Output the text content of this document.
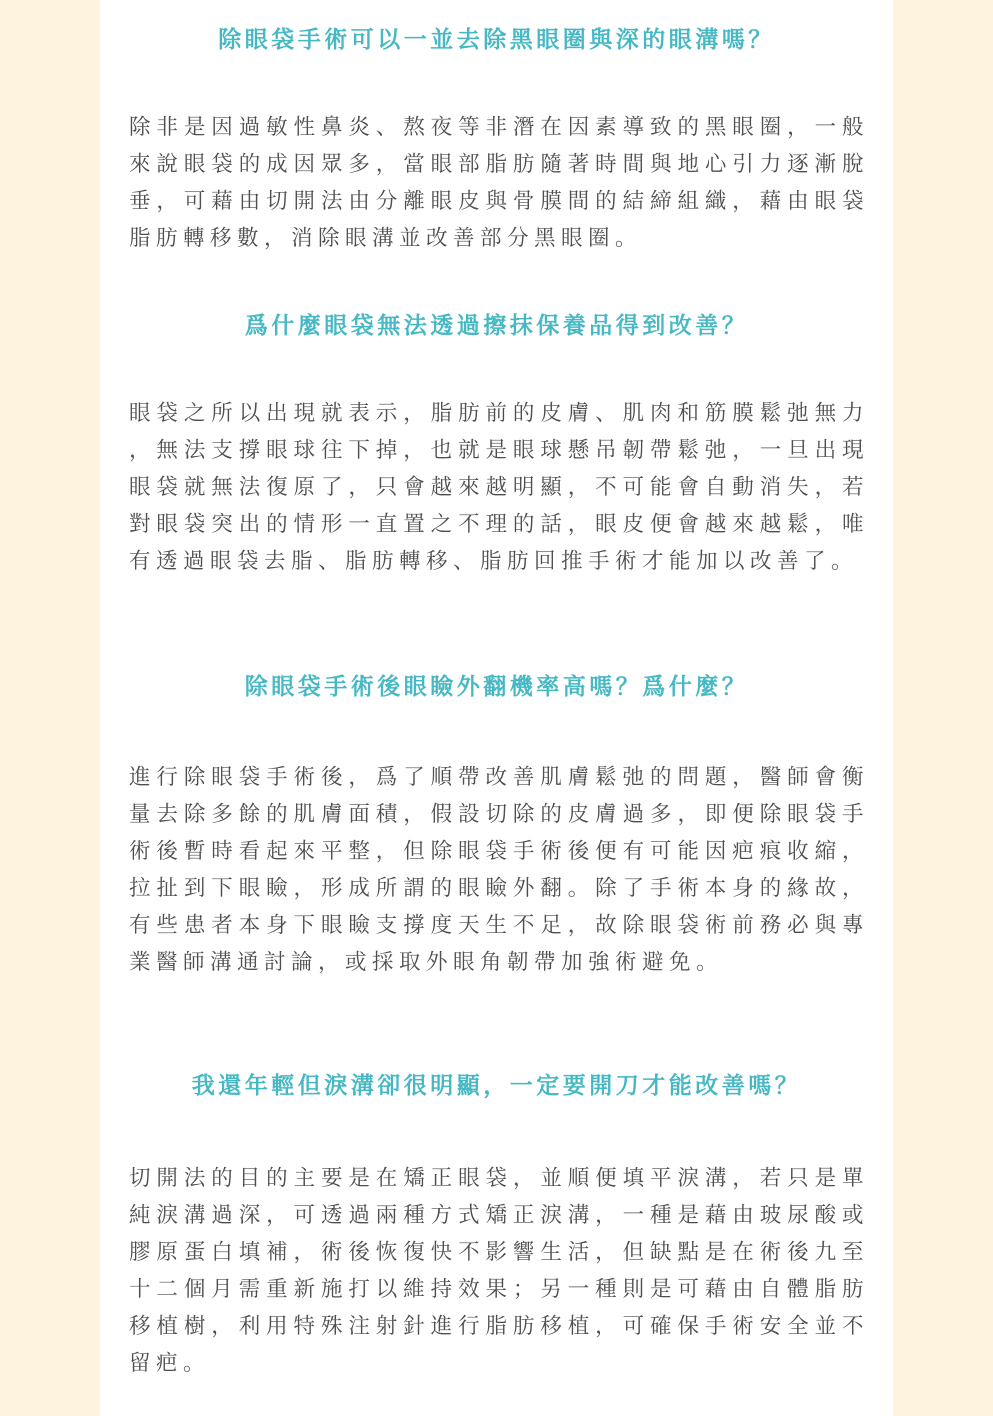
除眼袋手術可以一並去除黑眼圈與深的眼溝嗎？

除非是因過敏性鼻炎、熬夜等非潛在因素導致的黑眼圈，一般來說眼袋的成因眾多，當眼部脂肪隨著時間與地心引力逐漸脫垂，可藉由切開法由分離眼皮與骨膜間的結締組織，藉由眼袋脂肪轉移數，消除眼溝並改善部分黑眼圈。

爲什麼眼袋無法透過擦抹保養品得到改善？

眼袋之所以出現就表示，脂肪前的皮膚、肌肉和筋膜鬆弛無力，無法支撐眼球往下掉，也就是眼球懸吊韌帶鬆弛，一旦出現眼袋就無法復原了，只會越來越明顯，不可能會自動消失，若對眼袋突出的情形一直置之不理的話，眼皮便會越來越鬆，唯有透過眼袋去脂、脂肪轉移、脂肪回推手術才能加以改善了。

除眼袋手術後眼瞼外翻機率高嗎？爲什麼？

進行除眼袋手術後，爲了順帶改善肌膚鬆弛的問題，醫師會衡量去除多餘的肌膚面積，假設切除的皮膚過多，即便除眼袋手術後暫時看起來平整，但除眼袋手術後便有可能因疤痕收縮，拉扯到下眼瞼，形成所謂的眼瞼外翻。除了手術本身的緣故，有些患者本身下眼瞼支撐度天生不足，故除眼袋術前務必與專業醫師溝通討論，或採取外眼角韌帶加強術避免。

我還年輕但淚溝卻很明顯，一定要開刀才能改善嗎？

切開法的目的主要是在矯正眼袋，並順便填平淚溝，若只是單純淚溝過深，可透過兩種方式矯正淚溝，一種是藉由玻尿酸或膠原蛋白填補，術後恢復快不影響生活，但缺點是在術後九至十二個月需重新施打以維持效果；另一種則是可藉由自體脂肪移植樹，利用特殊注射針進行脂肪移植，可確保手術安全並不留疤。
